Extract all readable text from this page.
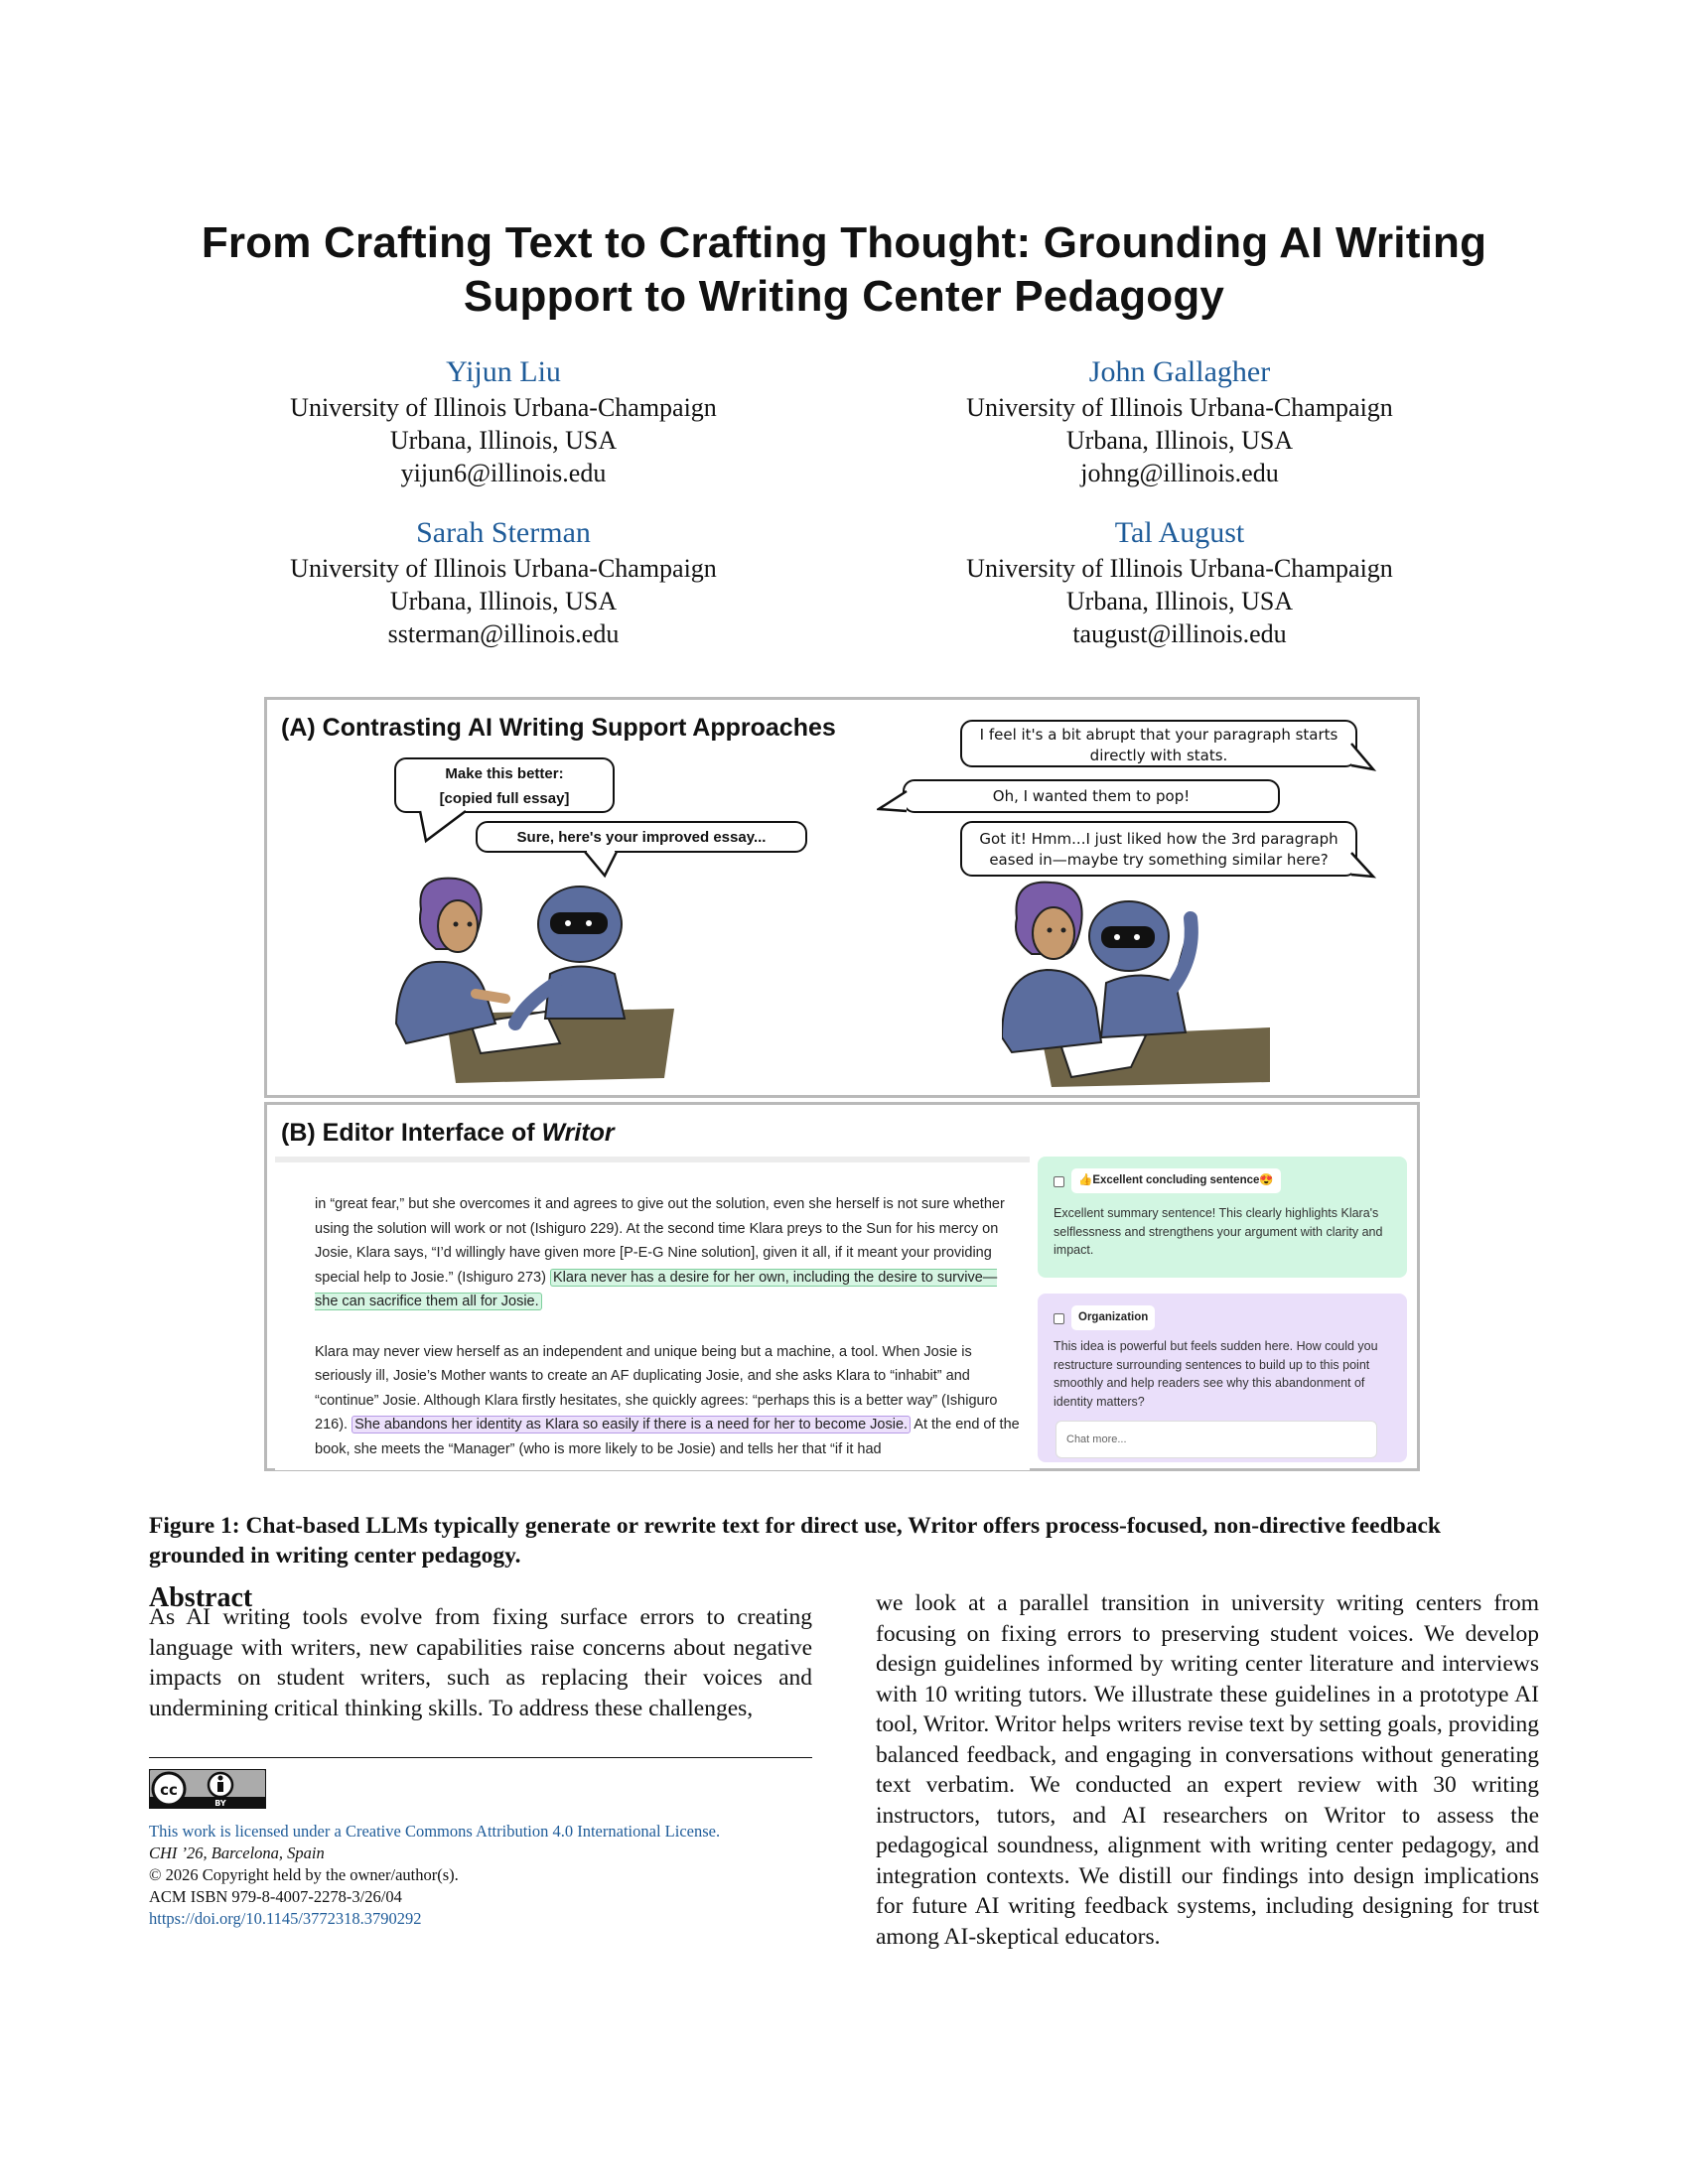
From Crafting Text to Crafting Thought: Grounding AI Writing
Support to Writing Center Pedagogy
Yijun Liu
University of Illinois Urbana-Champaign
Urbana, Illinois, USA
yijun6@illinois.edu
John Gallagher
University of Illinois Urbana-Champaign
Urbana, Illinois, USA
johng@illinois.edu
Sarah Sterman
University of Illinois Urbana-Champaign
Urbana, Illinois, USA
ssterman@illinois.edu
Tal August
University of Illinois Urbana-Champaign
Urbana, Illinois, USA
taugust@illinois.edu
(A) Contrasting AI Writing Support Approaches
Make this better:
[copied full essay]
Sure, here's your improved essay...
I feel it's a bit abrupt that your paragraph starts directly with stats.
Oh, I wanted them to pop!
Got it! Hmm...I just liked how the 3rd paragraph eased in—maybe try something similar here?
(B) Editor Interface of Writor

in “great fear,” but she overcomes it and agrees to give out the solution, even she herself is not sure whether using the solution will work or not (Ishiguro 229). At the second time Klara preys to the Sun for his mercy on Josie, Klara says, “I’d willingly have given more [P-E-G Nine solution], given it all, if it meant your providing special help to Josie.” (Ishiguro 273) Klara never has a desire for her own, including the desire to survive—she can sacrifice them all for Josie.

Klara may never view herself as an independent and unique being but a machine, a tool. When Josie is seriously ill, Josie’s Mother wants to create an AF duplicating Josie, and she asks Klara to “inhabit” and “continue” Josie. Although Klara firstly hesitates, she quickly agrees: “perhaps this is a better way” (Ishiguro 216). She abandons her identity as Klara so easily if there is a need for her to become Josie. At the end of the book, she meets the “Manager” (who is more likely to be Josie) and tells her that “if it had

👍Excellent concluding sentence😍
Excellent summary sentence! This clearly highlights Klara's selflessness and strengthens your argument with clarity and impact.
Organization
This idea is powerful but feels sudden here. How could you restructure surrounding sentences to build up to this point smoothly and help readers see why this abandonment of identity matters?
Chat more...
Figure 1: Chat-based LLMs typically generate or rewrite text for direct use, Writor offers process-focused, non-directive feedback grounded in writing center pedagogy.
Abstract
As AI writing tools evolve from fixing surface errors to creating language with writers, new capabilities raise concerns about negative impacts on student writers, such as replacing their voices and undermining critical thinking skills. To address these challenges,
we look at a parallel transition in university writing centers from focusing on fixing errors to preserving student voices. We develop design guidelines informed by writing center literature and interviews with 10 writing tutors. We illustrate these guidelines in a prototype AI tool, Writor. Writor helps writers revise text by setting goals, providing balanced feedback, and engaging in conversations without generating text verbatim. We conducted an expert review with 30 writing instructors, tutors, and AI researchers on Writor to assess the pedagogical soundness, alignment with writing center pedagogy, and integration contexts. We distill our findings into design implications for future AI writing feedback systems, including designing for trust among AI-skeptical educators.
cc
BY
This work is licensed under a Creative Commons Attribution 4.0 International License.
CHI ’26, Barcelona, Spain
© 2026 Copyright held by the owner/author(s).
ACM ISBN 979-8-4007-2278-3/26/04
https://doi.org/10.1145/3772318.3790292
